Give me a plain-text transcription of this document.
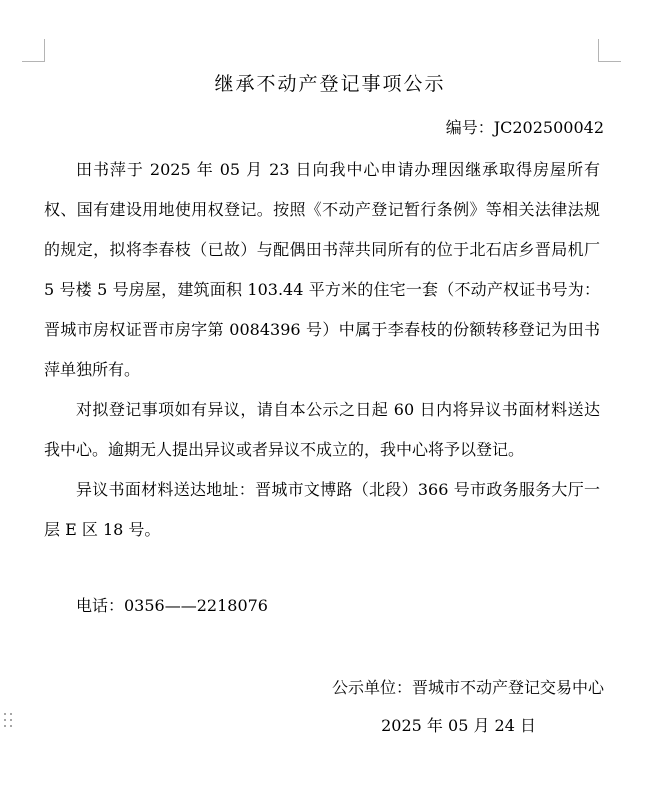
继承不动产登记事项公示
编号：JC202500042

田书萍于 2025 年 05 月 23 日向我中心申请办理因继承取得房屋所有权、国有建设用地使用权登记。按照《不动产登记暂行条例》等相关法律法规的规定，拟将李春枝（已故）与配偶田书萍共同所有的位于北石店乡晋局机厂 5 号楼 5 号房屋，建筑面积 103.44 平方米的住宅一套（不动产权证书号为：晋城市房权证晋市房字第 0084396 号）中属于李春枝的份额转移登记为田书萍单独所有。

对拟登记事项如有异议，请自本公示之日起 60 日内将异议书面材料送达我中心。逾期无人提出异议或者异议不成立的，我中心将予以登记。

异议书面材料送达地址：晋城市文博路（北段）366 号市政务服务大厅一层 E 区 18 号。

电话：0356——2218076
公示单位：晋城市不动产登记交易中心
2025 年 05 月 24 日
